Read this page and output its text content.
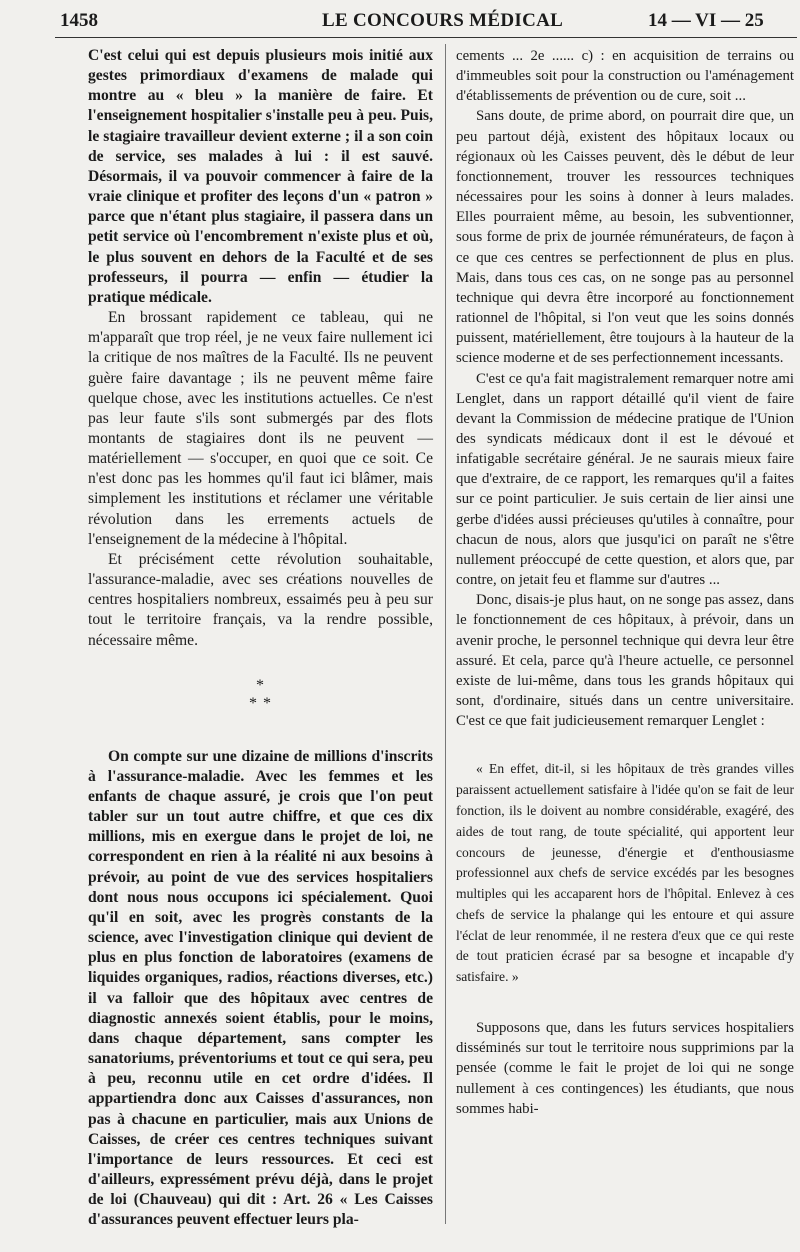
1458	LE CONCOURS MÉDICAL	14 — VI — 25

C'est celui qui est depuis plusieurs mois initié aux gestes primordiaux d'examens de malade qui montre au « bleu » la manière de faire. Et l'enseignement hospitalier s'installe peu à peu. Puis, le stagiaire travailleur devient externe ; il a son coin de service, ses malades à lui : il est sauvé. Désormais, il va pouvoir commencer à faire de la vraie clinique et profiter des leçons d'un « patron » parce que n'étant plus stagiaire, il passera dans un petit service où l'encombrement n'existe plus et où, le plus souvent en dehors de la Faculté et de ses professeurs, il pourra — enfin — étudier la pratique médicale.

En brossant rapidement ce tableau, qui ne m'apparaît que trop réel, je ne veux faire nullement ici la critique de nos maîtres de la Faculté. Ils ne peuvent guère faire davantage ; ils ne peuvent même faire quelque chose, avec les institutions actuelles. Ce n'est pas leur faute s'ils sont submergés par des flots montants de stagiaires dont ils ne peuvent — matériellement — s'occuper, en quoi que ce soit. Ce n'est donc pas les hommes qu'il faut ici blâmer, mais simplement les institutions et réclamer une véritable révolution dans les errements actuels de l'enseignement de la médecine à l'hôpital.

Et précisément cette révolution souhaitable, l'assurance-maladie, avec ses créations nouvelles de centres hospitaliers nombreux, essaimés peu à peu sur tout le territoire français, va la rendre possible, nécessaire même.

*
* *

On compte sur une dizaine de millions d'inscrits à l'assurance-maladie. Avec les femmes et les enfants de chaque assuré, je crois que l'on peut tabler sur un tout autre chiffre, et que ces dix millions, mis en exergue dans le projet de loi, ne correspondent en rien à la réalité ni aux besoins à prévoir, au point de vue des services hospitaliers dont nous nous occupons ici spécialement. Quoi qu'il en soit, avec les progrès constants de la science, avec l'investigation clinique qui devient de plus en plus fonction de laboratoires (examens de liquides organiques, radios, réactions diverses, etc.) il va falloir que des hôpitaux avec centres de diagnostic annexés soient établis, pour le moins, dans chaque département, sans compter les sanatoriums, préventoriums et tout ce qui sera, peu à peu, reconnu utile en cet ordre d'idées. Il appartiendra donc aux Caisses d'assurances, non pas à chacune en particulier, mais aux Unions de Caisses, de créer ces centres techniques suivant l'importance de leurs ressources. Et ceci est d'ailleurs, expressément prévu déjà, dans le projet de loi (Chauveau) qui dit : Art. 26 « Les Caisses d'assurances peuvent effectuer leurs pla-

cements ... 2e ...... c) : en acquisition de terrains ou d'immeubles soit pour la construction ou l'aménagement d'établissements de prévention ou de cure, soit ...

Sans doute, de prime abord, on pourrait dire que, un peu partout déjà, existent des hôpitaux locaux ou régionaux où les Caisses peuvent, dès le début de leur fonctionnement, trouver les ressources techniques nécessaires pour les soins à donner à leurs malades. Elles pourraient même, au besoin, les subventionner, sous forme de prix de journée rémunérateurs, de façon à ce que ces centres se perfectionnent de plus en plus. Mais, dans tous ces cas, on ne songe pas au personnel technique qui devra être incorporé au fonctionnement rationnel de l'hôpital, si l'on veut que les soins donnés puissent, matériellement, être toujours à la hauteur de la science moderne et de ses perfectionnement incessants.

C'est ce qu'a fait magistralement remarquer notre ami Lenglet, dans un rapport détaillé qu'il vient de faire devant la Commission de médecine pratique de l'Union des syndicats médicaux dont il est le dévoué et infatigable secrétaire général. Je ne saurais mieux faire que d'extraire, de ce rapport, les remarques qu'il a faites sur ce point particulier. Je suis certain de lier ainsi une gerbe d'idées aussi précieuses qu'utiles à connaître, pour chacun de nous, alors que jusqu'ici on paraît ne s'être nullement préoccupé de cette question, et alors que, par contre, on jetait feu et flamme sur d'autres ...

Donc, disais-je plus haut, on ne songe pas assez, dans le fonctionnement de ces hôpitaux, à prévoir, dans un avenir proche, le personnel technique qui devra leur être assuré. Et cela, parce qu'à l'heure actuelle, ce personnel existe de lui-même, dans tous les grands hôpitaux qui sont, d'ordinaire, situés dans un centre universitaire. C'est ce que fait judicieusement remarquer Lenglet :

« En effet, dit-il, si les hôpitaux de très grandes villes paraissent actuellement satisfaire à l'idée qu'on se fait de leur fonction, ils le doivent au nombre considérable, exagéré, des aides de tout rang, de toute spécialité, qui apportent leur concours de jeunesse, d'énergie et d'enthousiasme professionnel aux chefs de service excédés par les besognes multiples qui les accaparent hors de l'hôpital. Enlevez à ces chefs de service la phalange qui les entoure et qui assure l'éclat de leur renommée, il ne restera d'eux que ce qui reste de tout praticien écrasé par sa besogne et incapable d'y satisfaire. »

Supposons que, dans les futurs services hospitaliers disséminés sur tout le territoire nous supprimions par la pensée (comme le fait le projet de loi qui ne songe nullement à ces contingences) les étudiants, que nous sommes habi-
